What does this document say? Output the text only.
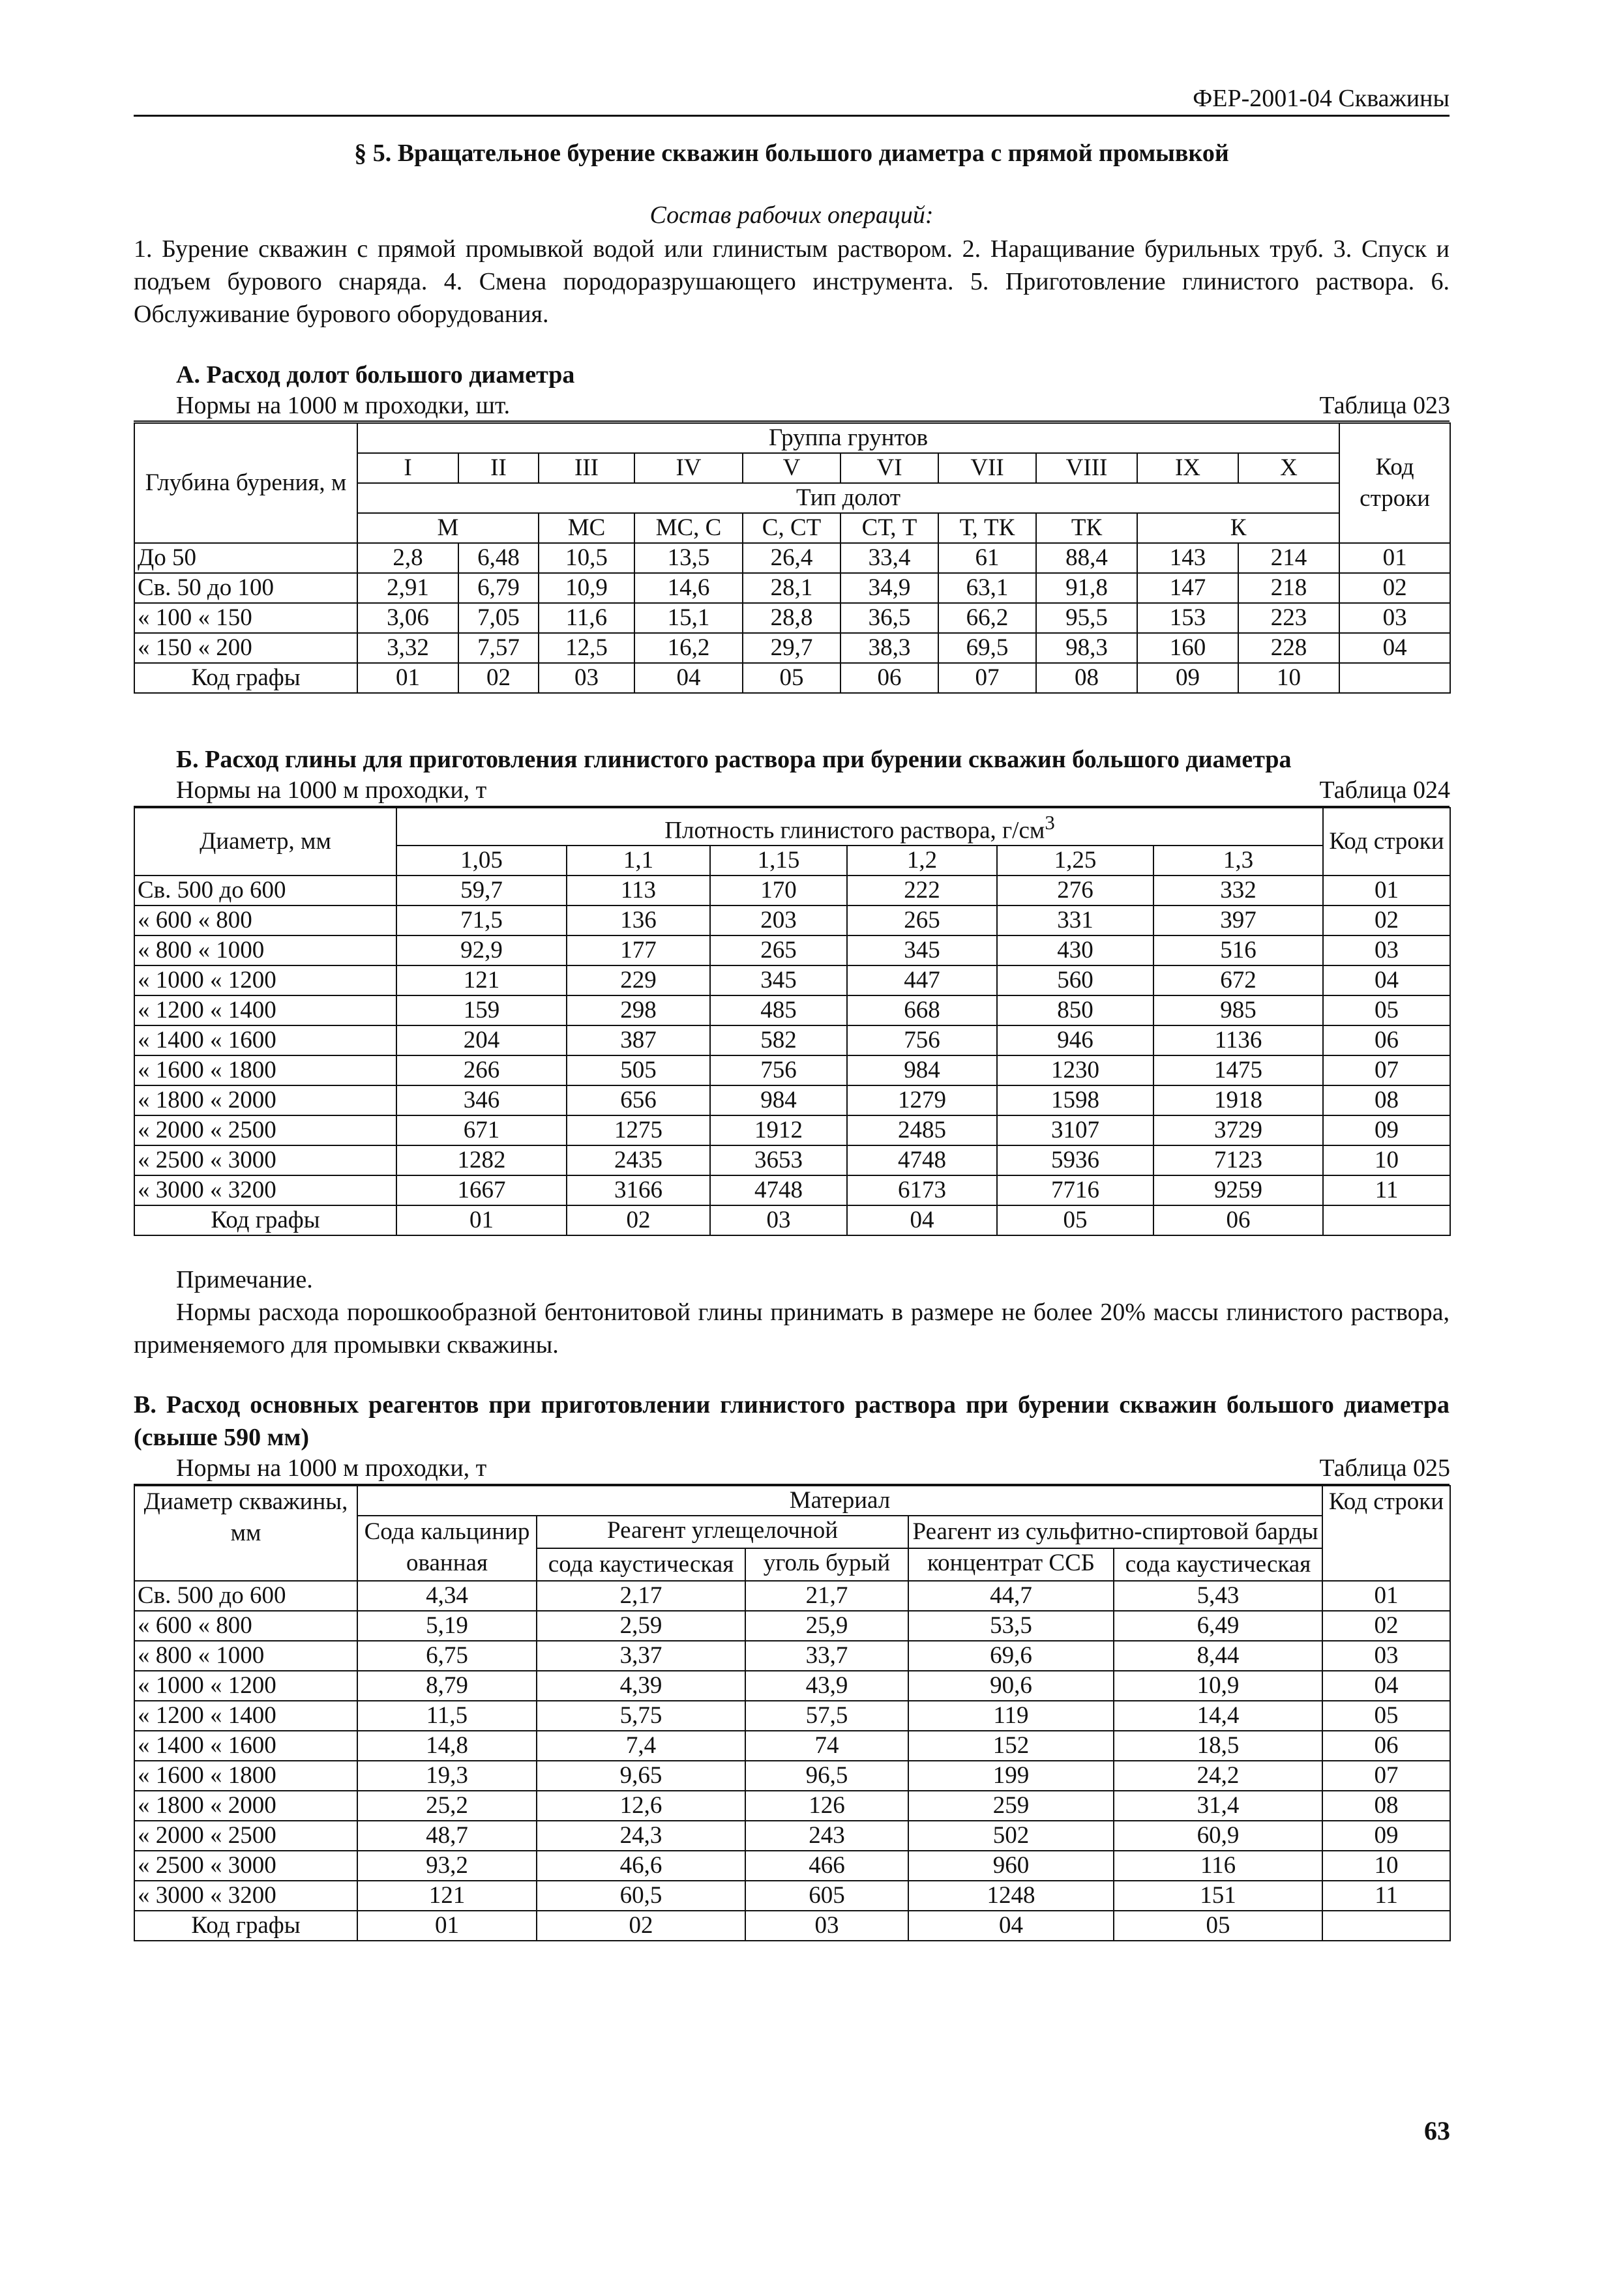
ФЕР-2001-04 Скважины
§ 5. Вращательное бурение скважин большого диаметра с прямой промывкой
Состав рабочих операций:

1. Бурение скважин с прямой промывкой водой или глинистым раствором. 2. Наращивание бурильных труб. 3. Спуск и подъем бурового снаряда. 4. Смена породоразрушающего инструмента. 5. Приготовление глинистого раствора. 6. Обслуживание бурового оборудования.

А. Расход долот большого диаметра

Нормы на 1000 м проходки, шт.	Таблица 023
Глубина бурения, м	Группа грунтов										Код строки
	I	II	III	IV	V	VI	VII	VIII	IX	X	
	Тип долот										
	М		МС	МС, С	С, СТ	СТ, Т	Т, ТК	ТК	К		
До 50	2,8	6,48	10,5	13,5	26,4	33,4	61	88,4	143	214	01
Св. 50 до 100	2,91	6,79	10,9	14,6	28,1	34,9	63,1	91,8	147	218	02
« 100 « 150	3,06	7,05	11,6	15,1	28,8	36,5	66,2	95,5	153	223	03
« 150 « 200	3,32	7,57	12,5	16,2	29,7	38,3	69,5	98,3	160	228	04
Код графы	01	02	03	04	05	06	07	08	09	10	

Б. Расход глины для приготовления глинистого раствора при бурении скважин большого диаметра

Нормы на 1000 м проходки, т	Таблица 024
Диаметр, мм	Плотность глинистого раствора, $г/см^3$						Код строки
	1,05	1,1	1,15	1,2	1,25	1,3	
Св. 500 до 600	59,7	113	170	222	276	332	01
« 600 « 800	71,5	136	203	265	331	397	02
« 800 « 1000	92,9	177	265	345	430	516	03
« 1000 « 1200	121	229	345	447	560	672	04
« 1200 « 1400	159	298	485	668	850	985	05
« 1400 « 1600	204	387	582	756	946	1136	06
« 1600 « 1800	266	505	756	984	1230	1475	07
« 1800 « 2000	346	656	984	1279	1598	1918	08
« 2000 « 2500	671	1275	1912	2485	3107	3729	09
« 2500 « 3000	1282	2435	3653	4748	5936	7123	10
« 3000 « 3200	1667	3166	4748	6173	7716	9259	11
Код графы	01	02	03	04	05	06	
Примечание.

Нормы расхода порошкообразной бентонитовой глины принимать в размере не более 20% массы глинистого раствора, применяемого для промывки скважины.

В. Расход основных реагентов при приготовлении глинистого раствора при бурении скважин большого диаметра (свыше 590 мм)

Нормы на 1000 м проходки, т	Таблица 025
Диаметр скважины, мм	Материал					Код строки
	Сода кальцинированная	Реагент углещелочной		Реагент из сульфитно-спиртовой барды		
		сода каустическая	уголь бурый	концентрат ССБ	сода каустическая	
Св. 500 до 600	4,34	2,17	21,7	44,7	5,43	01
« 600 « 800	5,19	2,59	25,9	53,5	6,49	02
« 800 « 1000	6,75	3,37	33,7	69,6	8,44	03
« 1000 « 1200	8,79	4,39	43,9	90,6	10,9	04
« 1200 « 1400	11,5	5,75	57,5	119	14,4	05
« 1400 « 1600	14,8	7,4	74	152	18,5	06
« 1600 « 1800	19,3	9,65	96,5	199	24,2	07
« 1800 « 2000	25,2	12,6	126	259	31,4	08
« 2000 « 2500	48,7	24,3	243	502	60,9	09
« 2500 « 3000	93,2	46,6	466	960	116	10
« 3000 « 3200	121	60,5	605	1248	151	11
Код графы	01	02	03	04	05	
63
